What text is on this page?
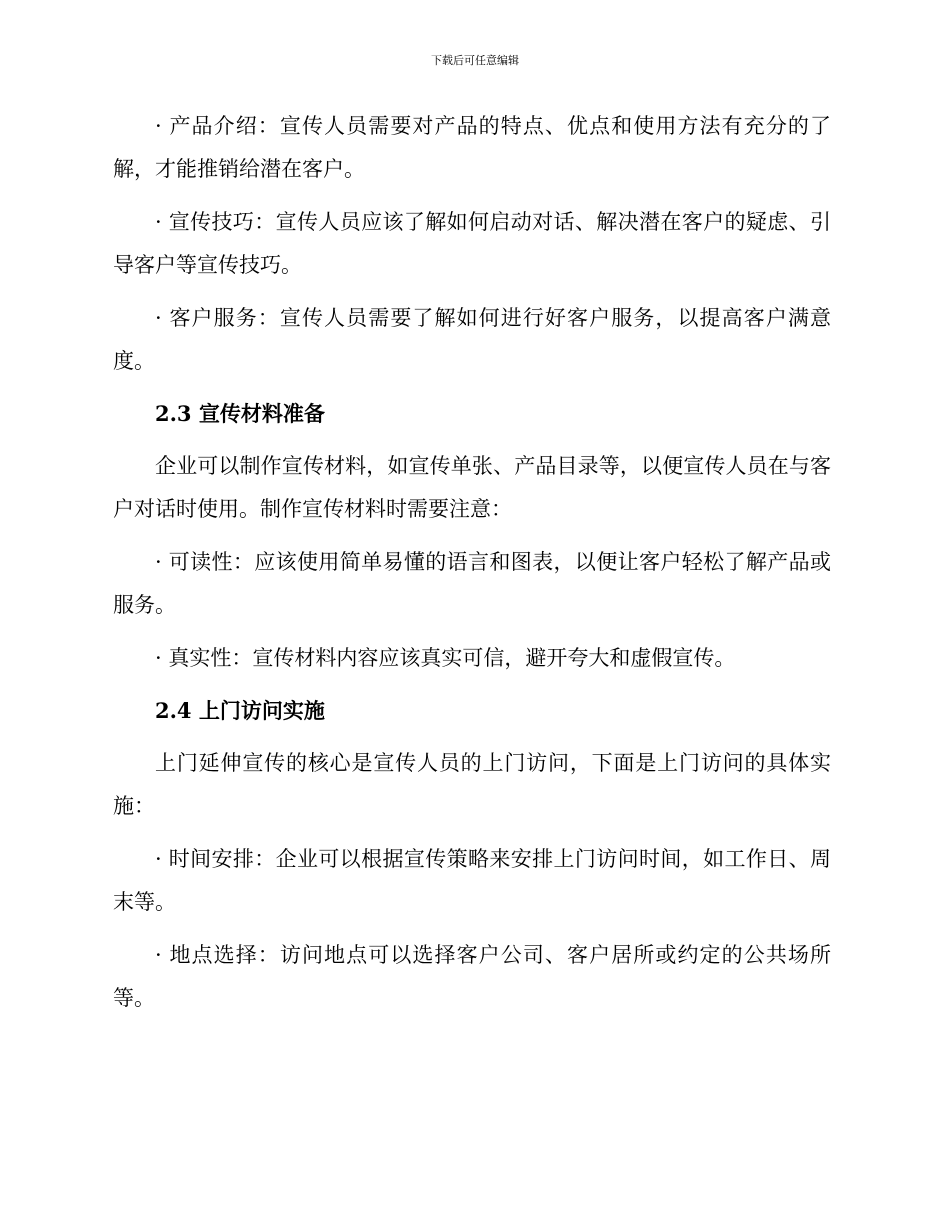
下载后可任意编辑

· 产品介绍：宣传人员需要对产品的特点、优点和使用方法有充分的了解，才能推销给潜在客户。

· 宣传技巧：宣传人员应该了解如何启动对话、解决潜在客户的疑虑、引导客户等宣传技巧。

· 客户服务：宣传人员需要了解如何进行好客户服务，以提高客户满意度。

2.3 宣传材料准备

企业可以制作宣传材料，如宣传单张、产品目录等，以便宣传人员在与客户对话时使用。制作宣传材料时需要注意：

· 可读性：应该使用简单易懂的语言和图表，以便让客户轻松了解产品或服务。

· 真实性：宣传材料内容应该真实可信，避开夸大和虚假宣传。

2.4 上门访问实施

上门延伸宣传的核心是宣传人员的上门访问，下面是上门访问的具体实施：

· 时间安排：企业可以根据宣传策略来安排上门访问时间，如工作日、周末等。

· 地点选择：访问地点可以选择客户公司、客户居所或约定的公共场所等。
